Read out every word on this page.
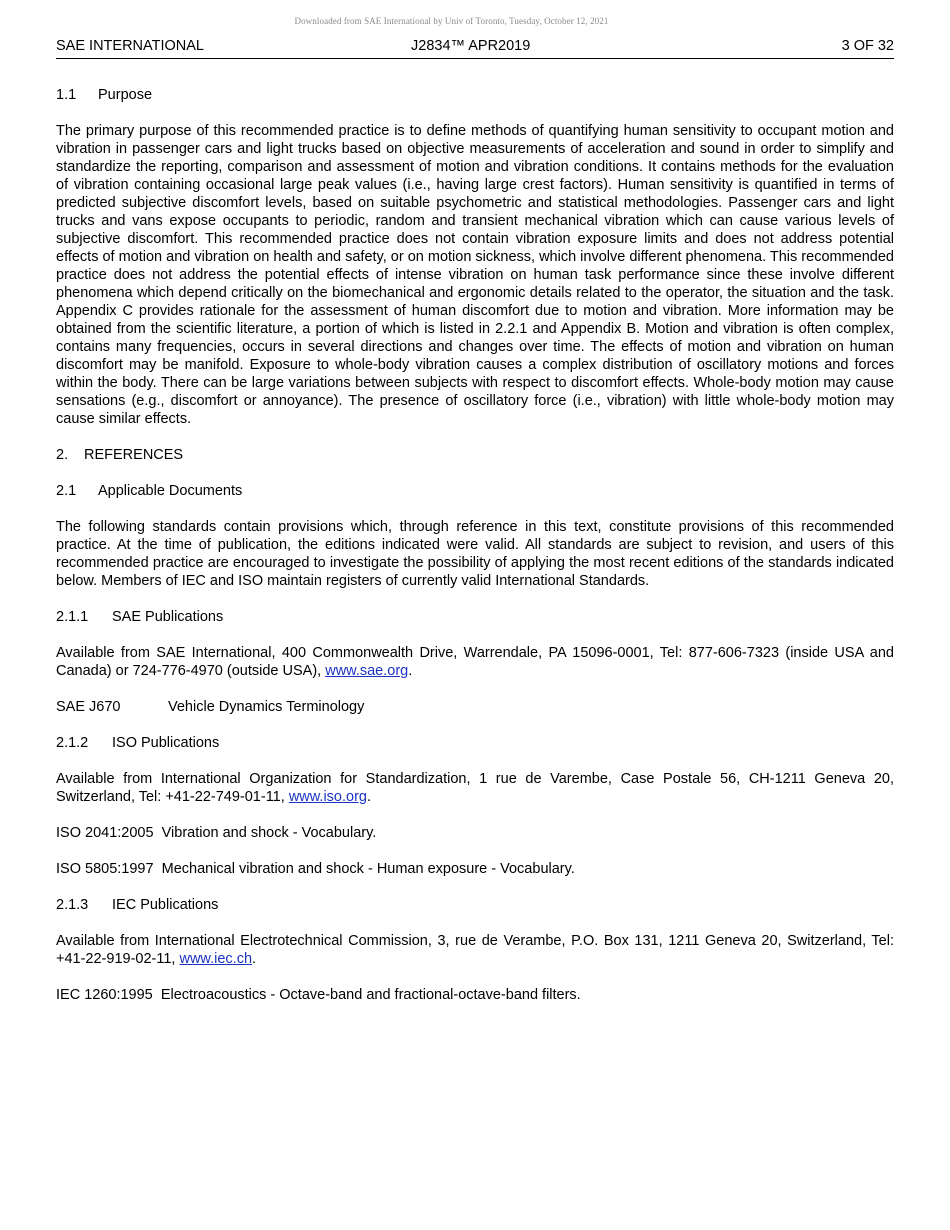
Downloaded from SAE International by Univ of Toronto, Tuesday, October 12, 2021
SAE INTERNATIONAL	J2834™ APR2019	3 OF 32
1.1 Purpose

The primary purpose of this recommended practice is to define methods of quantifying human sensitivity to occupant motion and vibration in passenger cars and light trucks based on objective measurements of acceleration and sound in order to simplify and standardize the reporting, comparison and assessment of motion and vibration conditions. It contains methods for the evaluation of vibration containing occasional large peak values (i.e., having large crest factors). Human sensitivity is quantified in terms of predicted subjective discomfort levels, based on suitable psychometric and statistical methodologies. Passenger cars and light trucks and vans expose occupants to periodic, random and transient mechanical vibration which can cause various levels of subjective discomfort. This recommended practice does not contain vibration exposure limits and does not address potential effects of motion and vibration on health and safety, or on motion sickness, which involve different phenomena. This recommended practice does not address the potential effects of intense vibration on human task performance since these involve different phenomena which depend critically on the biomechanical and ergonomic details related to the operator, the situation and the task. Appendix C provides rationale for the assessment of human discomfort due to motion and vibration. More information may be obtained from the scientific literature, a portion of which is listed in 2.2.1 and Appendix B. Motion and vibration is often complex, contains many frequencies, occurs in several directions and changes over time. The effects of motion and vibration on human discomfort may be manifold. Exposure to whole-body vibration causes a complex distribution of oscillatory motions and forces within the body. There can be large variations between subjects with respect to discomfort effects. Whole-body motion may cause sensations (e.g., discomfort or annoyance). The presence of oscillatory force (i.e., vibration) with little whole-body motion may cause similar effects.

2. REFERENCES
2.1 Applicable Documents

The following standards contain provisions which, through reference in this text, constitute provisions of this recommended practice. At the time of publication, the editions indicated were valid. All standards are subject to revision, and users of this recommended practice are encouraged to investigate the possibility of applying the most recent editions of the standards indicated below. Members of IEC and ISO maintain registers of currently valid International Standards.

2.1.1 SAE Publications

Available from SAE International, 400 Commonwealth Drive, Warrendale, PA 15096-0001, Tel: 877-606-7323 (inside USA and Canada) or 724-776-4970 (outside USA), www.sae.org.

SAE J670	Vehicle Dynamics Terminology
2.1.2 ISO Publications

Available from International Organization for Standardization, 1 rue de Varembe, Case Postale 56, CH-1211 Geneva 20, Switzerland, Tel: +41-22-749-01-11, www.iso.org.

ISO 2041:2005 Vibration and shock - Vocabulary.
ISO 5805:1997 Mechanical vibration and shock - Human exposure - Vocabulary.
2.1.3 IEC Publications

Available from International Electrotechnical Commission, 3, rue de Verambe, P.O. Box 131, 1211 Geneva 20, Switzerland, Tel: +41-22-919-02-11, www.iec.ch.

IEC 1260:1995 Electroacoustics - Octave-band and fractional-octave-band filters.
